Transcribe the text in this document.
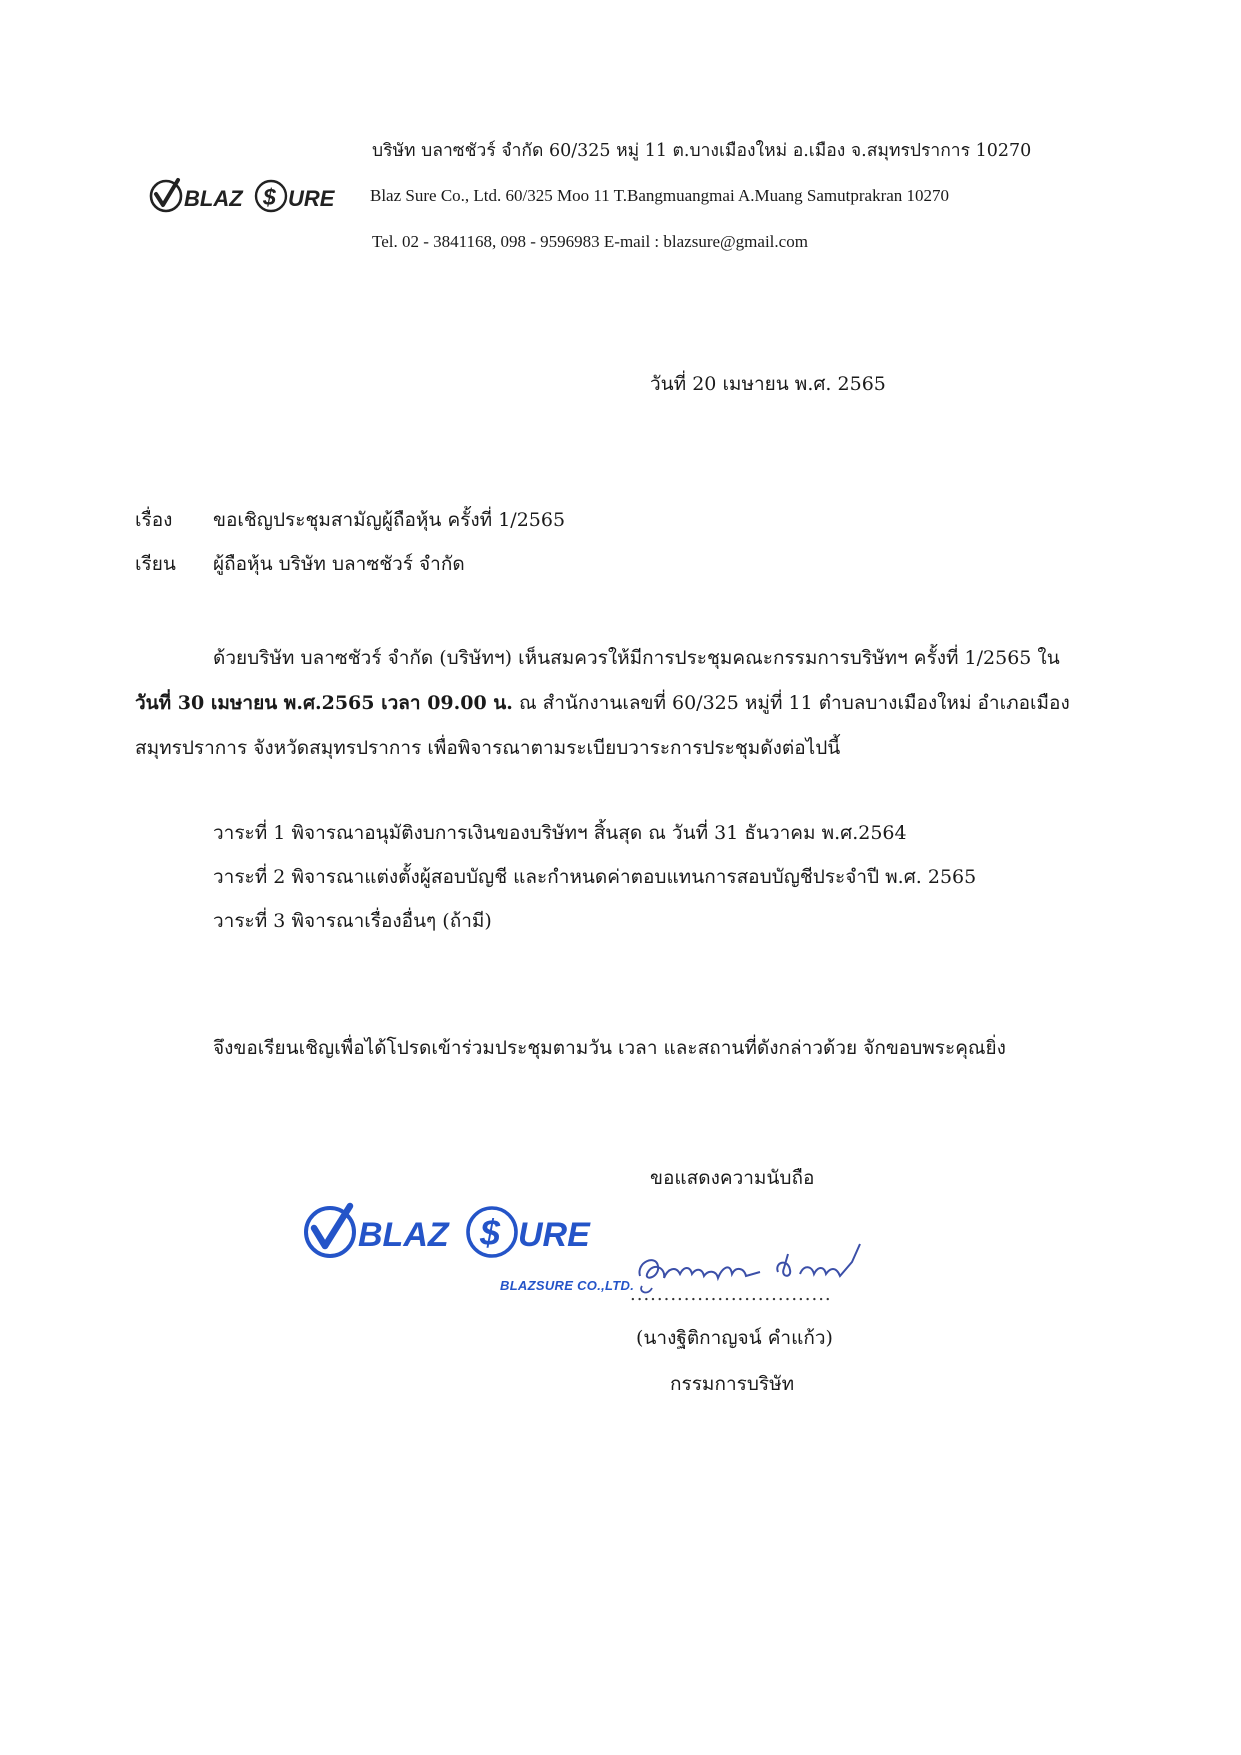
BLAZ $ URE
บริษัท บลาซชัวร์ จำกัด 60/325 หมู่ 11 ต.บางเมืองใหม่ อ.เมือง จ.สมุทรปราการ 10270
Blaz Sure Co., Ltd. 60/325 Moo 11 T.Bangmuangmai A.Muang Samutprakran 10270
Tel. 02 - 3841168, 098 - 9596983 E-mail : blazsure@gmail.com
วันที่ 20 เมษายน พ.ศ. 2565
เรื่อง ขอเชิญประชุมสามัญผู้ถือหุ้น ครั้งที่ 1/2565
เรียน ผู้ถือหุ้น บริษัท บลาซชัวร์ จำกัด
ด้วยบริษัท บลาซชัวร์ จำกัด (บริษัทฯ) เห็นสมควรให้มีการประชุมคณะกรรมการบริษัทฯ ครั้งที่ 1/2565 ใน
วันที่ 30 เมษายน พ.ศ.2565 เวลา 09.00 น. ณ สำนักงานเลขที่ 60/325 หมู่ที่ 11 ตำบลบางเมืองใหม่ อำเภอเมือง
สมุทรปราการ จังหวัดสมุทรปราการ เพื่อพิจารณาตามระเบียบวาระการประชุมดังต่อไปนี้
วาระที่ 1 พิจารณาอนุมัติงบการเงินของบริษัทฯ สิ้นสุด ณ วันที่ 31 ธันวาคม พ.ศ.2564
วาระที่ 2 พิจารณาแต่งตั้งผู้สอบบัญชี และกำหนดค่าตอบแทนการสอบบัญชีประจำปี พ.ศ. 2565
วาระที่ 3 พิจารณาเรื่องอื่นๆ (ถ้ามี)
จึงขอเรียนเชิญเพื่อได้โปรดเข้าร่วมประชุมตามวัน เวลา และสถานที่ดังกล่าวด้วย จักขอบพระคุณยิ่ง
ขอแสดงความนับถือ
BLAZ $ URE
BLAZSURE CO.,LTD.
..............................
(นางฐิติกาญจน์ คำแก้ว)
กรรมการบริษัท
